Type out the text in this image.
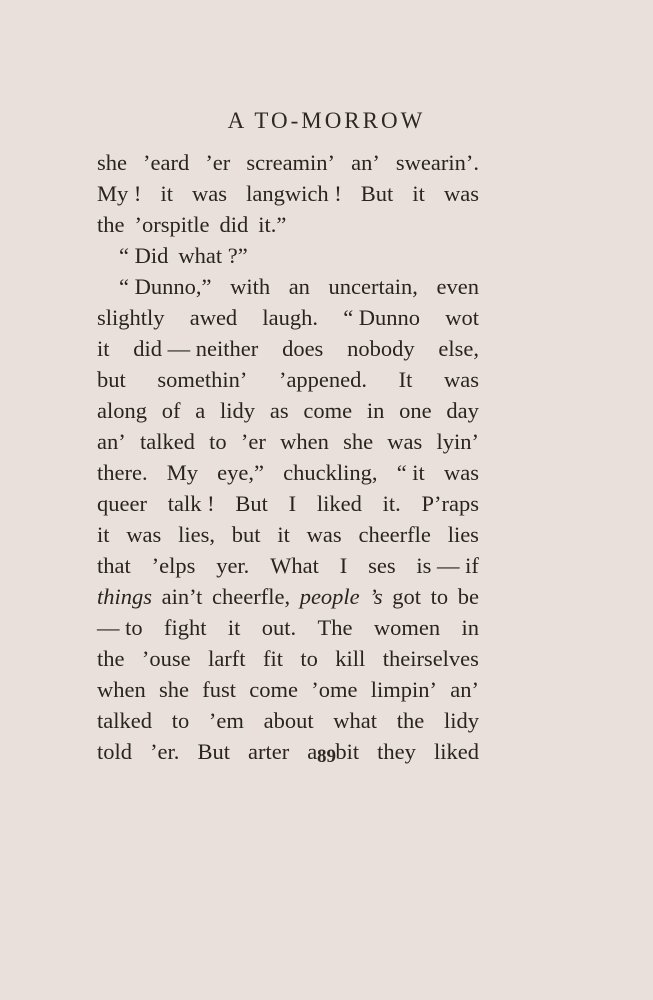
A TO-MORROW
she ’eard ’er screamin’ an’ swearin’.
My ! it was langwich ! But it was
the ’orspitle did it.”
“ Did what ?”
“ Dunno,” with an uncertain, even
slightly awed laugh. “ Dunno wot
it did — neither does nobody else,
but somethin’ ’appened. It was
along of a lidy as come in one day
an’ talked to ’er when she was lyin’
there. My eye,” chuckling, “ it was
queer talk ! But I liked it. P’raps
it was lies, but it was cheerfle lies
that ’elps yer. What I ses is — if
things ain’t cheerfle, people ’s got to be
— to fight it out. The women in
the ’ouse larft fit to kill theirselves
when she fust come ’ome limpin’ an’
talked to ’em about what the lidy
told ’er. But arter a bit they liked
89
